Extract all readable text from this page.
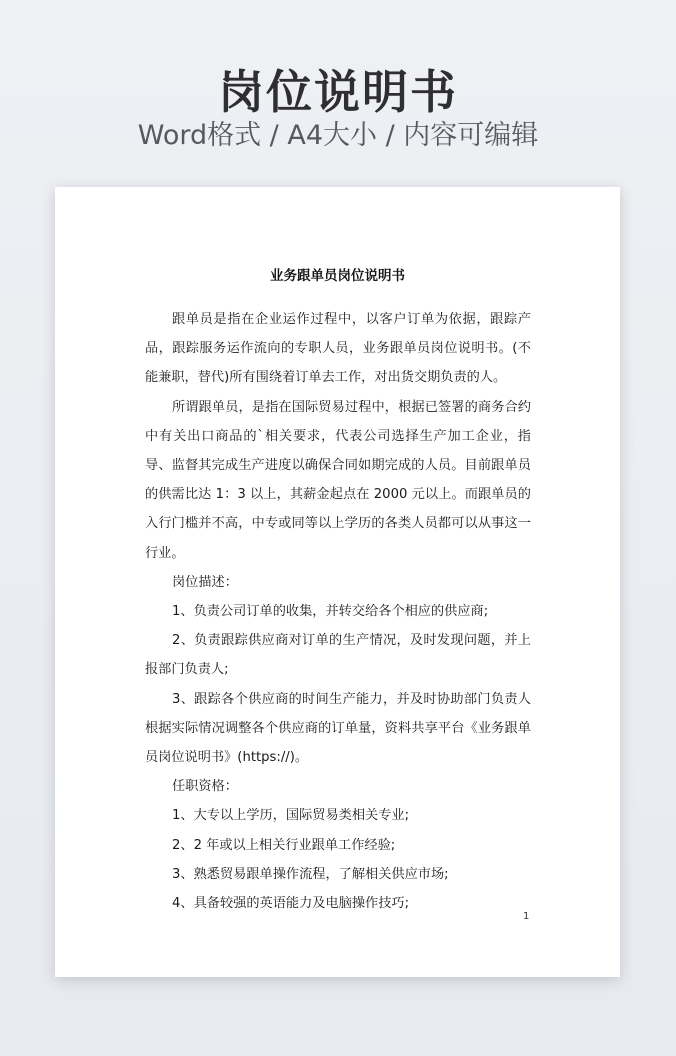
岗位说明书
Word格式 / A4大小 / 内容可编辑
业务跟单员岗位说明书

跟单员是指在企业运作过程中，以客户订单为依据，跟踪产品，跟踪服务运作流向的专职人员，业务跟单员岗位说明书。(不能兼职，替代)所有围绕着订单去工作，对出货交期负责的人。

所谓跟单员，是指在国际贸易过程中，根据已签署的商务合约中有关出口商品的`相关要求，代表公司选择生产加工企业，指导、监督其完成生产进度以确保合同如期完成的人员。目前跟单员的供需比达 1：3 以上，其薪金起点在 2000 元以上。而跟单员的入行门槛并不高，中专或同等以上学历的各类人员都可以从事这一行业。

岗位描述：

1、负责公司订单的收集，并转交给各个相应的供应商;

2、负责跟踪供应商对订单的生产情况，及时发现问题，并上报部门负责人;

3、跟踪各个供应商的时间生产能力，并及时协助部门负责人根据实际情况调整各个供应商的订单量，资料共享平台《业务跟单员岗位说明书》(https://)。

任职资格：

1、大专以上学历，国际贸易类相关专业;

2、2 年或以上相关行业跟单工作经验;

3、熟悉贸易跟单操作流程，了解相关供应市场;

4、具备较强的英语能力及电脑操作技巧;

1
